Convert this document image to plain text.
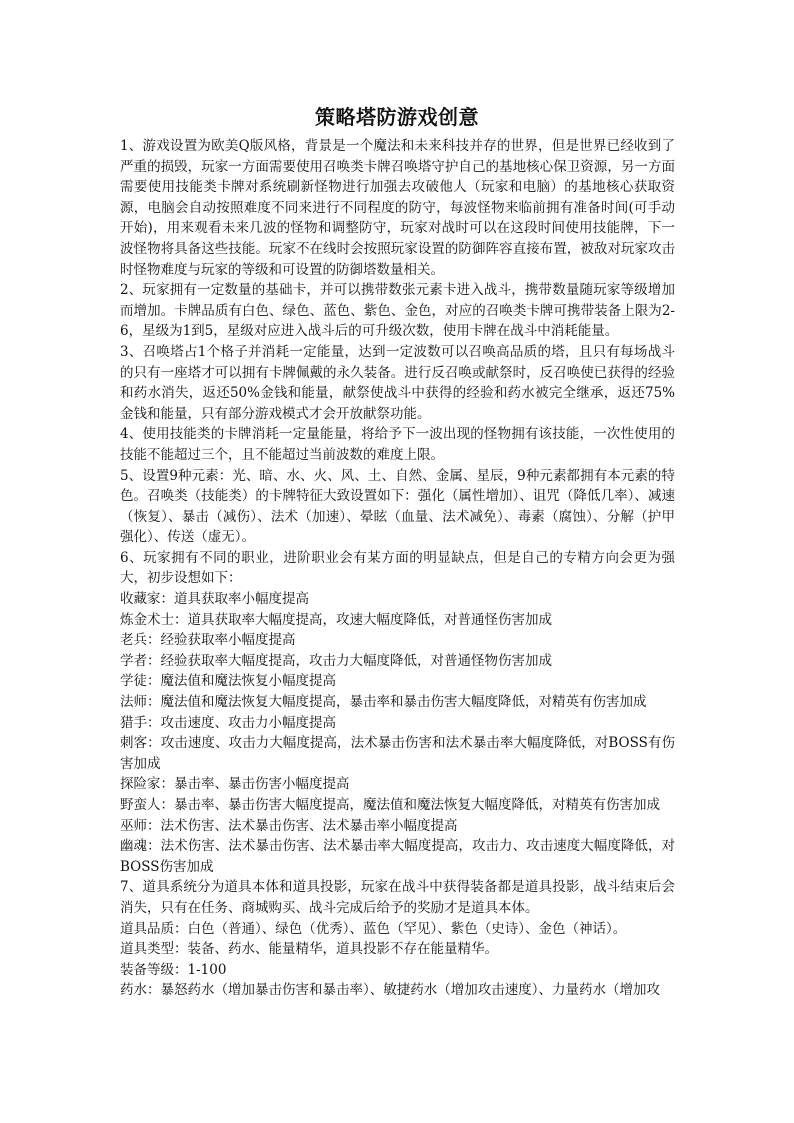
策略塔防游戏创意

1、游戏设置为欧美Q版风格，背景是一个魔法和未来科技并存的世界，但是世界已经收到了严重的损毁，玩家一方面需要使用召唤类卡牌召唤塔守护自己的基地核心保卫资源，另一方面需要使用技能类卡牌对系统刷新怪物进行加强去攻破他人（玩家和电脑）的基地核心获取资源，电脑会自动按照难度不同来进行不同程度的防守，每波怪物来临前拥有准备时间(可手动开始)，用来观看未来几波的怪物和调整防守，玩家对战时可以在这段时间使用技能牌，下一波怪物将具备这些技能。玩家不在线时会按照玩家设置的防御阵容直接布置，被敌对玩家攻击时怪物难度与玩家的等级和可设置的防御塔数量相关。

2、玩家拥有一定数量的基础卡，并可以携带数张元素卡进入战斗，携带数量随玩家等级增加而增加。卡牌品质有白色、绿色、蓝色、紫色、金色，对应的召唤类卡牌可携带装备上限为2-6，星级为1到5，星级对应进入战斗后的可升级次数，使用卡牌在战斗中消耗能量。

3、召唤塔占1个格子并消耗一定能量，达到一定波数可以召唤高品质的塔，且只有每场战斗的只有一座塔才可以拥有卡牌佩戴的永久装备。进行反召唤或献祭时，反召唤使已获得的经验和药水消失，返还50%金钱和能量，献祭使战斗中获得的经验和药水被完全继承，返还75%金钱和能量，只有部分游戏模式才会开放献祭功能。

4、使用技能类的卡牌消耗一定量能量，将给予下一波出现的怪物拥有该技能，一次性使用的技能不能超过三个，且不能超过当前波数的难度上限。

5、设置9种元素：光、暗、水、火、风、土、自然、金属、星辰，9种元素都拥有本元素的特色。召唤类（技能类）的卡牌特征大致设置如下：强化（属性增加）、诅咒（降低几率）、减速（恢复）、暴击（减伤）、法术（加速）、晕眩（血量、法术减免）、毒素（腐蚀）、分解（护甲强化）、传送（虚无）。

6、玩家拥有不同的职业，进阶职业会有某方面的明显缺点，但是自己的专精方向会更为强大，初步设想如下：

收藏家：道具获取率小幅度提高

炼金术士：道具获取率大幅度提高，攻速大幅度降低，对普通怪伤害加成

老兵：经验获取率小幅度提高

学者：经验获取率大幅度提高，攻击力大幅度降低，对普通怪物伤害加成

学徒：魔法值和魔法恢复小幅度提高

法师：魔法值和魔法恢复大幅度提高，暴击率和暴击伤害大幅度降低，对精英有伤害加成

猎手：攻击速度、攻击力小幅度提高

刺客：攻击速度、攻击力大幅度提高，法术暴击伤害和法术暴击率大幅度降低，对BOSS有伤害加成

探险家：暴击率、暴击伤害小幅度提高

野蛮人：暴击率、暴击伤害大幅度提高，魔法值和魔法恢复大幅度降低，对精英有伤害加成

巫师：法术伤害、法术暴击伤害、法术暴击率小幅度提高

幽魂：法术伤害、法术暴击伤害、法术暴击率大幅度提高，攻击力、攻击速度大幅度降低，对BOSS伤害加成

7、道具系统分为道具本体和道具投影，玩家在战斗中获得装备都是道具投影，战斗结束后会消失，只有在任务、商城购买、战斗完成后给予的奖励才是道具本体。

道具品质：白色（普通）、绿色（优秀）、蓝色（罕见）、紫色（史诗）、金色（神话）。

道具类型：装备、药水、能量精华，道具投影不存在能量精华。

装备等级：1-100

药水：暴怒药水（增加暴击伤害和暴击率）、敏捷药水（增加攻击速度）、力量药水（增加攻
